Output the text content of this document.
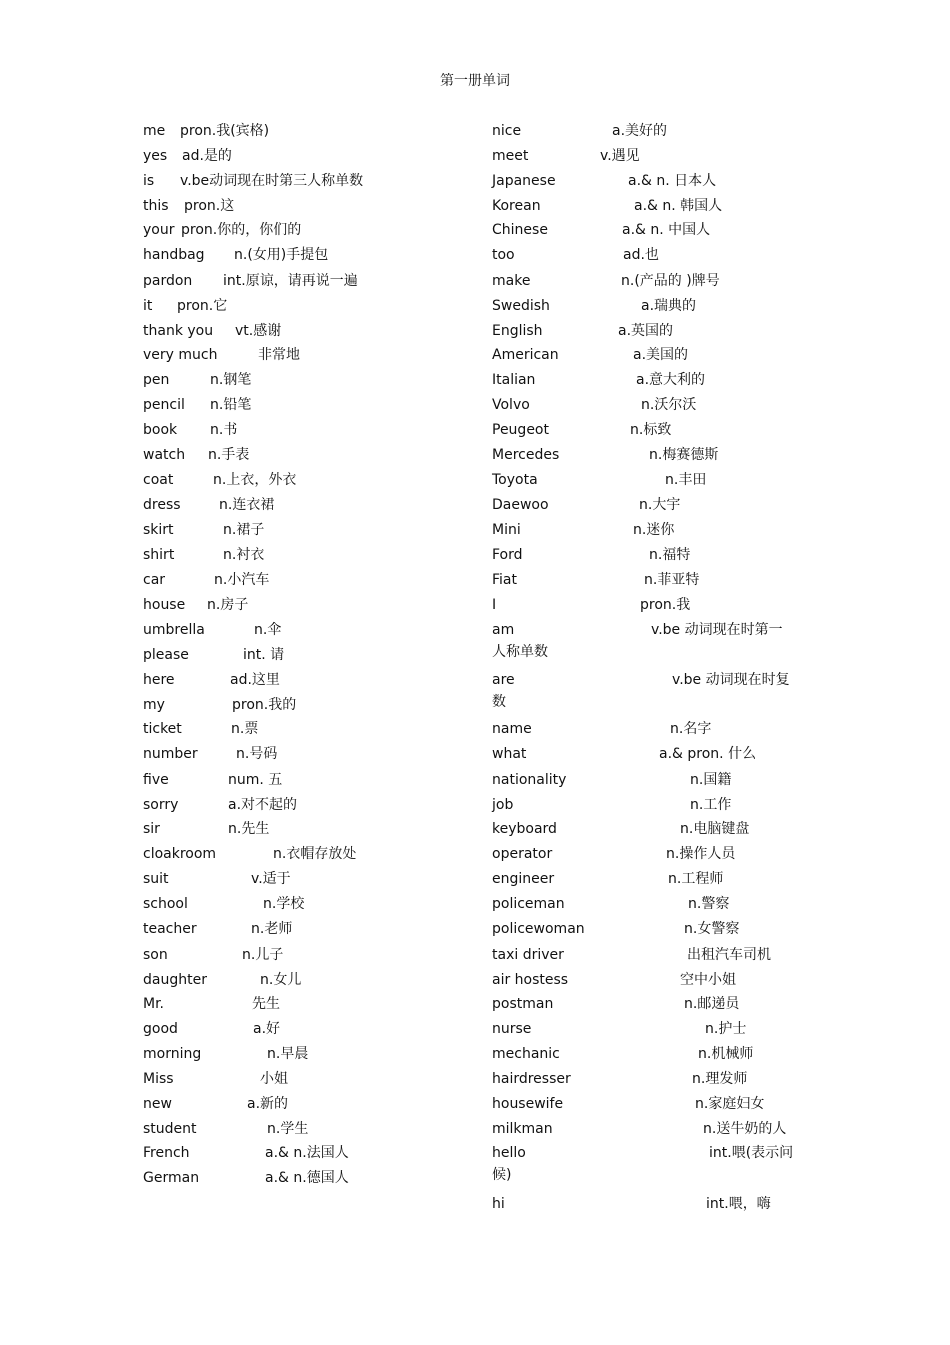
第一册单词
me pron.我(宾格)
yes ad.是的
is v.be动词现在时第三人称单数
this pron.这
your pron.你的，你们的
handbag n.(女用)手提包
pardon int.原谅，请再说一遍
it pron.它
thank you vt.感谢
very much	非常地
pen	n.钢笔
pencil n.铅笔
book n.书
watch n.手表
coat	n.上衣，外衣
dress	n.连衣裙
skirt	n.裙子
shirt	n.衬衣
car	n.小汽车
house n.房子
umbrella	n.伞
please	int. 请
here	ad.这里
my	pron.我的
ticket	n.票
number	n.号码
five	num. 五
sorry	a.对不起的
sir	n.先生
cloakroom	n.衣帽存放处
suit	v.适于
school	n.学校
teacher	n.老师
son	n.儿子
daughter	n.女儿
Mr.	先生
good	a.好
morning	n.早晨
Miss	小姐
new	a.新的
student	n.学生
French	a.& n.法国人
German	a.& n.德国人
nice	a.美好的
meet	v.遇见
Japanese	a.& n. 日本人
Korean	a.& n. 韩国人
Chinese	a.& n. 中国人
too	ad.也
make	n.(产品的 )牌号
Swedish	a.瑞典的
English	a.英国的
American	a.美国的
Italian	a.意大利的
Volvo	n.沃尔沃
Peugeot	n.标致
Mercedes	n.梅赛德斯
Toyota	n.丰田
Daewoo	n.大宇
Mini	n.迷你
Ford	n.福特
Fiat	n.菲亚特
I	pron.我
am	v.be 动词现在时第一
人称单数
are	v.be 动词现在时复
数
name	n.名字
what	a.& pron. 什么
nationality	n.国籍
job	n.工作
keyboard	n.电脑键盘
operator	n.操作人员
engineer	n.工程师
policeman	n.警察
policewoman	n.女警察
taxi driver	出租汽车司机
air hostess	空中小姐
postman	n.邮递员
nurse	n.护士
mechanic	n.机械师
hairdresser	n.理发师
housewife	n.家庭妇女
milkman	n.送牛奶的人
hello	int.喂(表示问
候)
hi	int.喂，嗨
